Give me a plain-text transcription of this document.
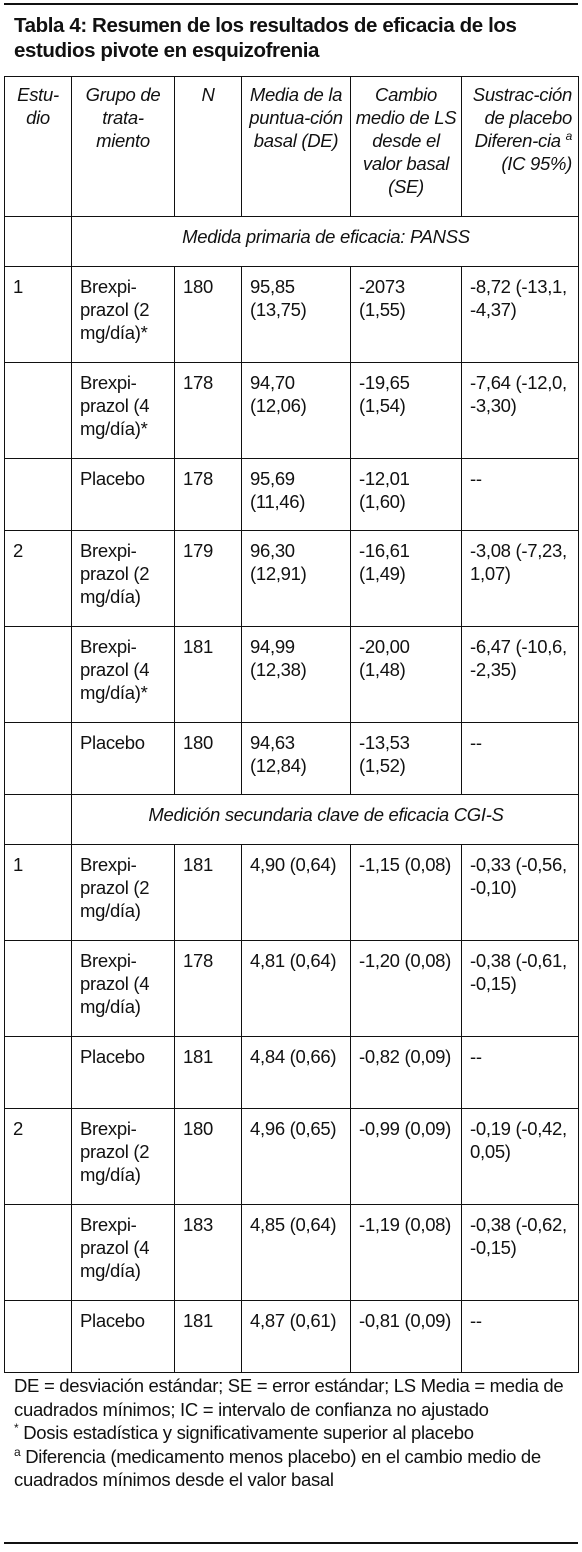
Tabla 4: Resumen de los resultados de eficacia de los estudios pivote en esquizofrenia
Estu-dio	Grupo de trata-miento	N	Media de la puntua-ción basal (DE)	Cambio medio de LS desde el valor basal (SE)	Sustrac-ción de placebo Diferen-cia $^a$ (IC 95%)
	Medida primaria de eficacia: PANSS				
1	Brexpi-prazol (2 mg/día)*	180	95,85 (13,75)	-2073 (1,55)	-8,72 (-13,1, -4,37)
	Brexpi-prazol (4 mg/día)*	178	94,70 (12,06)	-19,65 (1,54)	-7,64 (-12,0, -3,30)
	Placebo	178	95,69 (11,46)	-12,01 (1,60)	--
2	Brexpi-prazol (2 mg/día)	179	96,30 (12,91)	-16,61 (1,49)	-3,08 (-7,23, 1,07)
	Brexpi-prazol (4 mg/día)*	181	94,99 (12,38)	-20,00 (1,48)	-6,47 (-10,6, -2,35)
	Placebo	180	94,63 (12,84)	-13,53 (1,52)	--
	Medición secundaria clave de eficacia CGI-S				
1	Brexpi-prazol (2 mg/día)	181	4,90 (0,64)	-1,15 (0,08)	-0,33 (-0,56, -0,10)
	Brexpi-prazol (4 mg/día)	178	4,81 (0,64)	-1,20 (0,08)	-0,38 (-0,61, -0,15)
	Placebo	181	4,84 (0,66)	-0,82 (0,09)	--
2	Brexpi-prazol (2 mg/día)	180	4,96 (0,65)	-0,99 (0,09)	-0,19 (-0,42, 0,05)
	Brexpi-prazol (4 mg/día)	183	4,85 (0,64)	-1,19 (0,08)	-0,38 (-0,62, -0,15)
	Placebo	181	4,87 (0,61)	-0,81 (0,09)	--

DE = desviación estándar; SE = error estándar; LS Media = media de cuadrados mínimos; IC = intervalo de confianza no ajustado

* Dosis estadística y significativamente superior al placebo

$^a$ Diferencia (medicamento menos placebo) en el cambio medio de cuadrados mínimos desde el valor basal
